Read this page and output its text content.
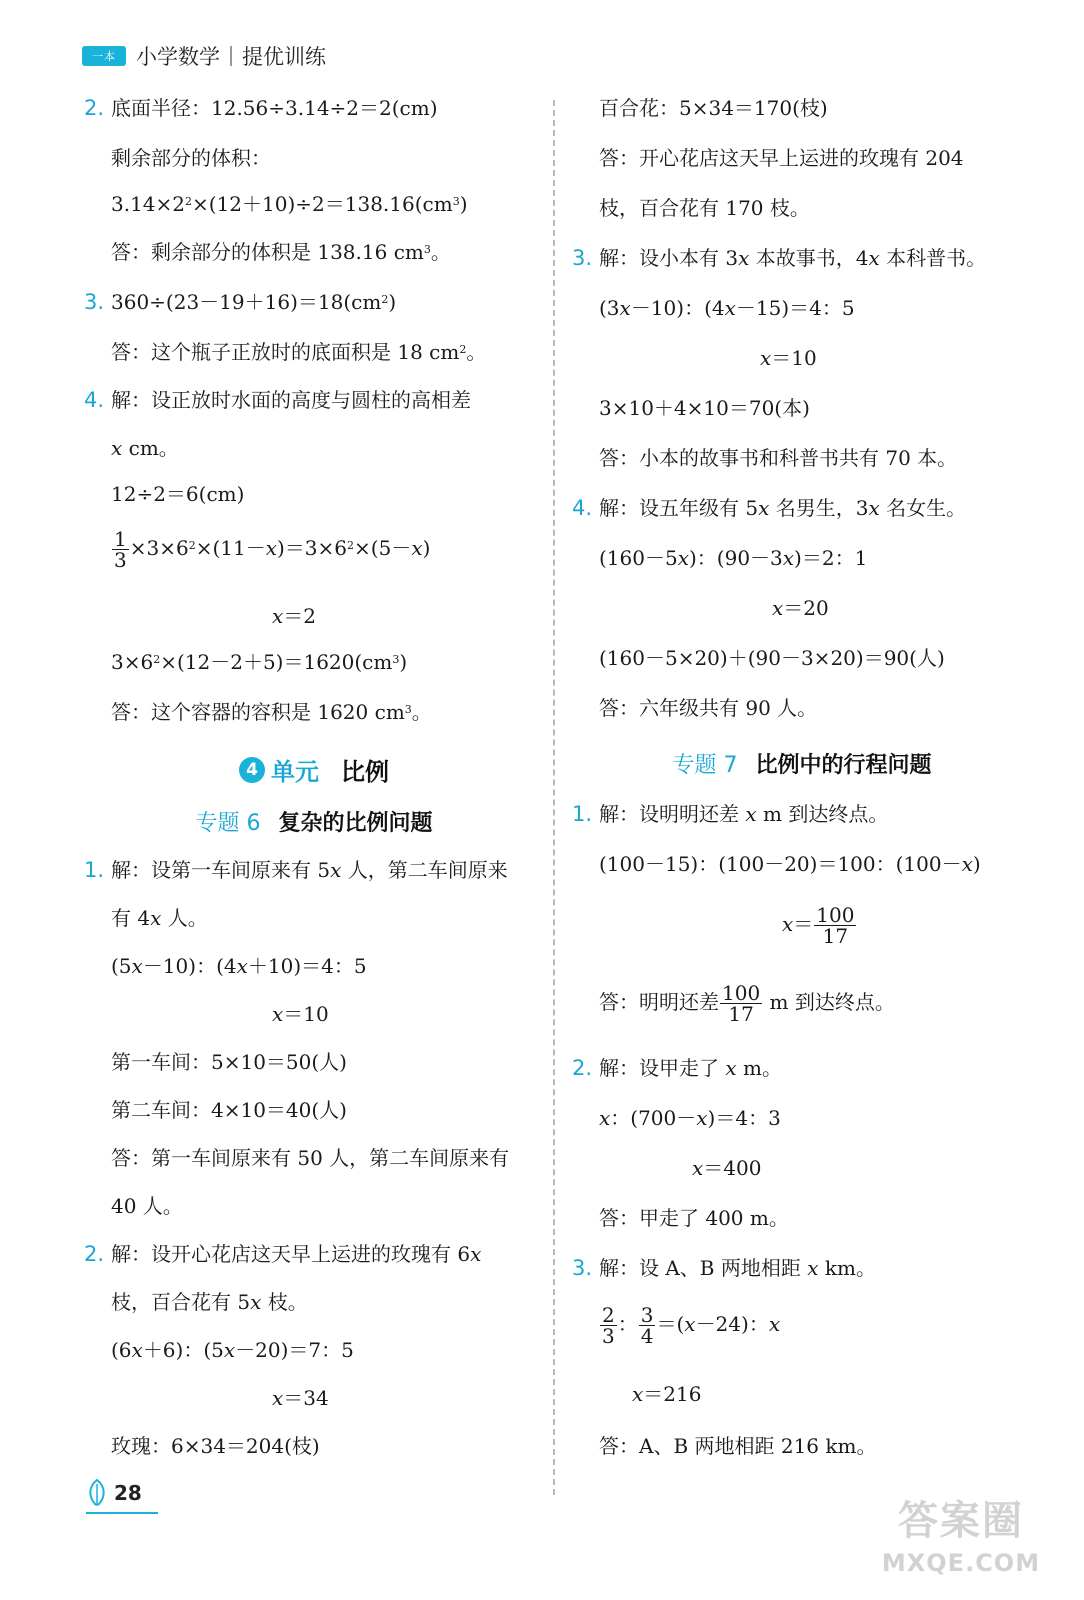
一本 小学数学 提优训练
2. 底面半径：12.56÷3.14÷2＝2(cm)
剩余部分的体积：
$3.14\times 2^2\times(12+10)\div 2=138.16(cm^3)$
答：剩余部分的体积是 138.16 $cm^3$。
3. $360\div(23-19+16)=18(cm^2)$
答：这个瓶子正放时的底面积是 18 $cm^2$。
4. 解：设正放时水面的高度与圆柱的高相差
x cm。
12÷2＝6(cm)
$\frac{1}{3} \times 3\times 6^2\times(11-x)=3\times 6^2\times(5-x)$
x＝2
$3\times 6^2\times(12-2+5)=1620(cm^3)$
答：这个容器的容积是 1620 $cm^3$。
4 单元 比例
专题 6 复杂的比例问题
1. 解：设第一车间原来有 5x 人，第二车间原来
有 4x 人。
(5x－10)：(4x＋10)＝4：5
x＝10
第一车间：5×10＝50(人)
第二车间：4×10＝40(人)
答：第一车间原来有 50 人，第二车间原来有
40 人。
2. 解：设开心花店这天早上运进的玫瑰有 6x
枝，百合花有 5x 枝。
(6x＋6)：(5x－20)＝7：5
x＝34
玫瑰：6×34＝204(枝)
百合花：5×34＝170(枝)
答：开心花店这天早上运进的玫瑰有 204
枝，百合花有 170 枝。
3. 解：设小本有 3x 本故事书，4x 本科普书。
(3x－10)：(4x－15)＝4：5
x＝10
3×10＋4×10＝70(本)
答：小本的故事书和科普书共有 70 本。
4. 解：设五年级有 5x 名男生，3x 名女生。
(160－5x)：(90－3x)＝2：1
x＝20
(160－5×20)＋(90－3×20)＝90(人)
答：六年级共有 90 人。
专题 7 比例中的行程问题
1. 解：设明明还差 x m 到达终点。
(100－15)：(100－20)＝100：(100－x)
$x= \frac{100}{17}$
答：明明还差 $\frac{100}{17}$ m 到达终点。
2. 解：设甲走了 x m。
x：(700－x)＝4：3
x＝400
答：甲走了 400 m。
3. 解：设 A、B 两地相距 x km。
$\frac{2}{3}$ ： $\frac{3}{4} =(x-24)$：x
x＝216
答：A、B 两地相距 216 km。
28
答案圈
MXQE.COM
